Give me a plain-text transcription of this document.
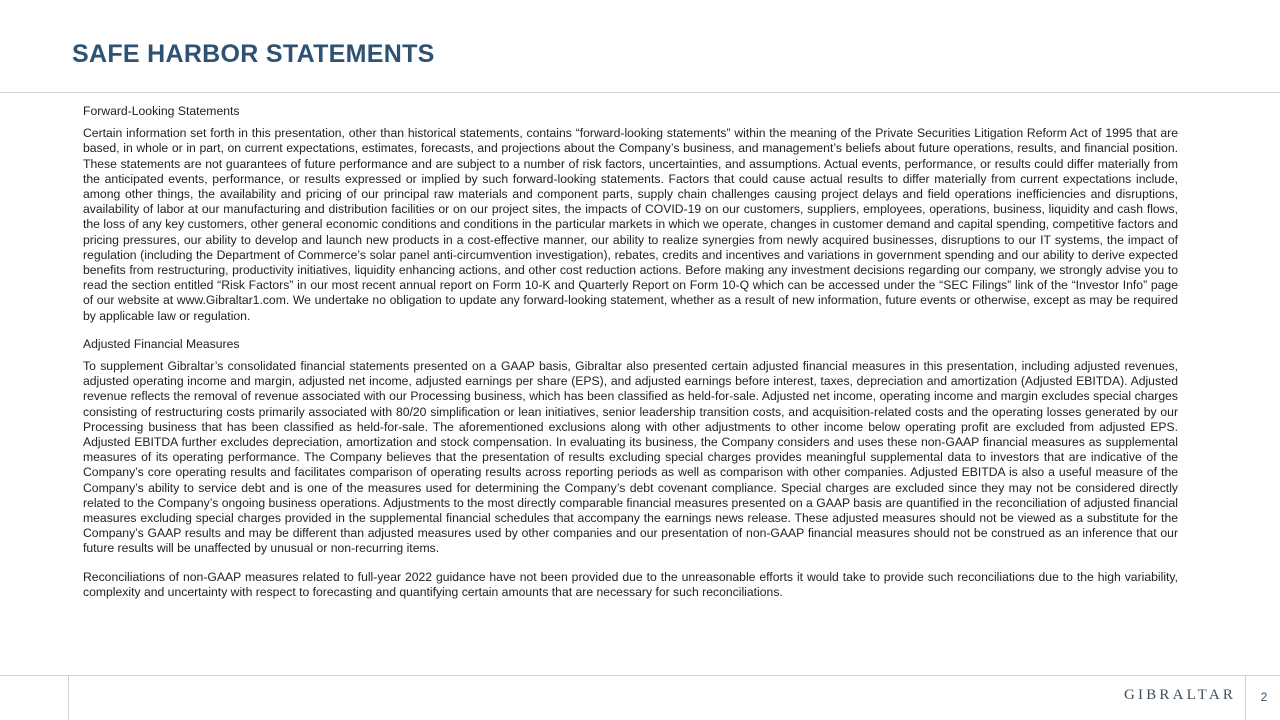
SAFE HARBOR STATEMENTS
Forward-Looking Statements

Certain information set forth in this presentation, other than historical statements, contains “forward-looking statements” within the meaning of the Private Securities Litigation Reform Act of 1995 that are based, in whole or in part, on current expectations, estimates, forecasts, and projections about the Company’s business, and management’s beliefs about future operations, results, and financial position. These statements are not guarantees of future performance and are subject to a number of risk factors, uncertainties, and assumptions. Actual events, performance, or results could differ materially from the anticipated events, performance, or results expressed or implied by such forward-looking statements. Factors that could cause actual results to differ materially from current expectations include, among other things, the availability and pricing of our principal raw materials and component parts, supply chain challenges causing project delays and field operations inefficiencies and disruptions, availability of labor at our manufacturing and distribution facilities or on our project sites, the impacts of COVID-19 on our customers, suppliers, employees, operations, business, liquidity and cash flows, the loss of any key customers, other general economic conditions and conditions in the particular markets in which we operate, changes in customer demand and capital spending, competitive factors and pricing pressures, our ability to develop and launch new products in a cost-effective manner, our ability to realize synergies from newly acquired businesses, disruptions to our IT systems, the impact of regulation (including the Department of Commerce’s solar panel anti-circumvention investigation), rebates, credits and incentives and variations in government spending and our ability to derive expected benefits from restructuring, productivity initiatives, liquidity enhancing actions, and other cost reduction actions. Before making any investment decisions regarding our company, we strongly advise you to read the section entitled “Risk Factors” in our most recent annual report on Form 10-K and Quarterly Report on Form 10-Q which can be accessed under the “SEC Filings” link of the “Investor Info” page of our website at www.Gibraltar1.com. We undertake no obligation to update any forward-looking statement, whether as a result of new information, future events or otherwise, except as may be required by applicable law or regulation.

Adjusted Financial Measures

To supplement Gibraltar’s consolidated financial statements presented on a GAAP basis, Gibraltar also presented certain adjusted financial measures in this presentation, including adjusted revenues, adjusted operating income and margin, adjusted net income, adjusted earnings per share (EPS), and adjusted earnings before interest, taxes, depreciation and amortization (Adjusted EBITDA). Adjusted revenue reflects the removal of revenue associated with our Processing business, which has been classified as held-for-sale. Adjusted net income, operating income and margin excludes special charges consisting of restructuring costs primarily associated with 80/20 simplification or lean initiatives, senior leadership transition costs, and acquisition-related costs and the operating losses generated by our Processing business that has been classified as held-for-sale. The aforementioned exclusions along with other adjustments to other income below operating profit are excluded from adjusted EPS. Adjusted EBITDA further excludes depreciation, amortization and stock compensation. In evaluating its business, the Company considers and uses these non-GAAP financial measures as supplemental measures of its operating performance. The Company believes that the presentation of results excluding special charges provides meaningful supplemental data to investors that are indicative of the Company’s core operating results and facilitates comparison of operating results across reporting periods as well as comparison with other companies. Adjusted EBITDA is also a useful measure of the Company’s ability to service debt and is one of the measures used for determining the Company’s debt covenant compliance. Special charges are excluded since they may not be considered directly related to the Company’s ongoing business operations. Adjustments to the most directly comparable financial measures presented on a GAAP basis are quantified in the reconciliation of adjusted financial measures excluding special charges provided in the supplemental financial schedules that accompany the earnings news release. These adjusted measures should not be viewed as a substitute for the Company’s GAAP results and may be different than adjusted measures used by other companies and our presentation of non-GAAP financial measures should not be construed as an inference that our future results will be unaffected by unusual or non-recurring items.

Reconciliations of non-GAAP measures related to full-year 2022 guidance have not been provided due to the unreasonable efforts it would take to provide such reconciliations due to the high variability, complexity and uncertainty with respect to forecasting and quantifying certain amounts that are necessary for such reconciliations.

GIBRALTAR	2
